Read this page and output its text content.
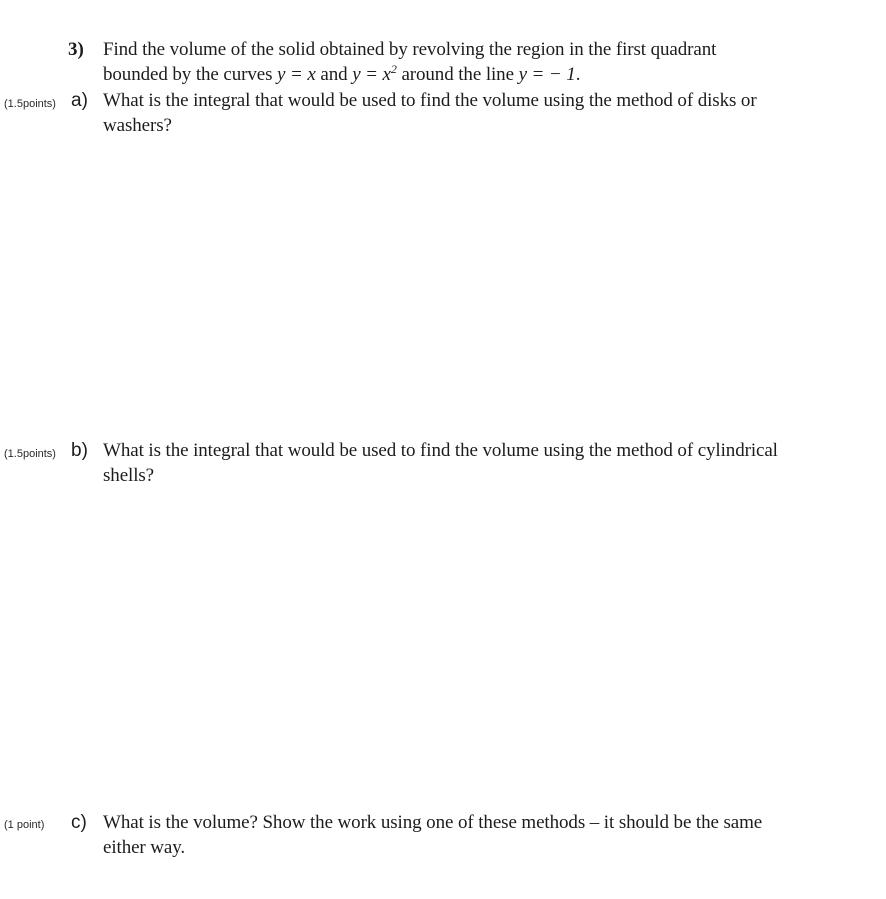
3) Find the volume of the solid obtained by revolving the region in the first quadrant
bounded by the curves y = x and $y = x^2$ around the line y = − 1.
(1.5points) a) What is the integral that would be used to find the volume using the method of disks or
washers?
(1.5points) b) What is the integral that would be used to find the volume using the method of cylindrical
shells?
(1 point) c) What is the volume? Show the work using one of these methods – it should be the same
either way.
